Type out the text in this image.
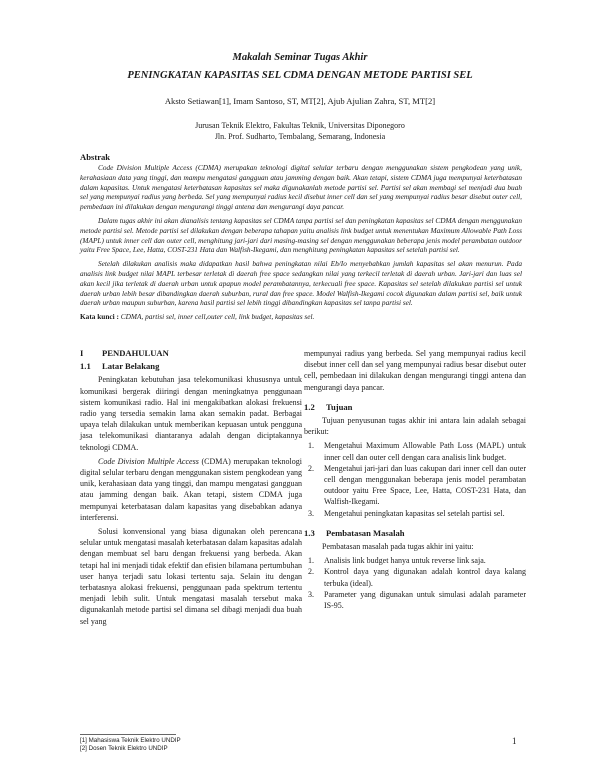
Makalah Seminar Tugas Akhir
PENINGKATAN KAPASITAS SEL CDMA DENGAN METODE PARTISI SEL
Aksto Setiawan[1], Imam Santoso, ST, MT[2], Ajub Ajulian Zahra, ST, MT[2]
Jurusan Teknik Elektro, Fakultas Teknik, Universitas Diponegoro
Jln. Prof. Sudharto, Tembalang, Semarang, Indonesia
Abstrak

Code Division Multiple Access (CDMA) merupakan teknologi digital selular terbaru dengan menggunakan sistem pengkodean yang unik, kerahasiaan data yang tinggi, dan mampu mengatasi gangguan atau jamming dengan baik. Akan tetapi, sistem CDMA juga mempunyai keterbatasan dalam kapasitas. Untuk mengatasi keterbatasan kapasitas sel maka digunakanlah metode partisi sel. Partisi sel akan membagi sel menjadi dua buah sel yang mempunyai radius yang berbeda. Sel yang mempunyai radius kecil disebut inner cell dan sel yang mempunyai radius besar disebut outer cell, pembedaan ini dilakukan dengan mengurangi tinggi antena dan mengurangi daya pancar.

Dalam tugas akhir ini akan dianalisis tentang kapasitas sel CDMA tanpa partisi sel dan peningkatan kapasitas sel CDMA dengan menggunakan metode partisi sel. Metode partisi sel dilakukan dengan beberapa tahapan yaitu analisis link budget untuk menentukan Maximum Allowable Path Loss (MAPL) untuk inner cell dan outer cell, menghitung jari-jari dari masing-masing sel dengan menggunakan beberapa jenis model perambatan outdoor yaitu Free Space, Lee, Hatta, COST-231 Hata dan Walfish-Ikegami, dan menghitung peningkatan kapasitas sel setelah partisi sel.

Setelah dilakukan analisis maka didapatkan hasil bahwa peningkatan nilai Eb/Io menyebabkan jumlah kapasitas sel akan menurun. Pada analisis link budget nilai MAPL terbesar terletak di daerah free space sedangkan nilai yang terkecil terletak di daerah urban. Jari-jari dan luas sel akan kecil jika terletak di daerah urban untuk apapun model perambatannya, terkecuali free space. Kapasitas sel setelah dilakukan partisi sel untuk daerah urban lebih besar dibandingkan daerah suburban, rural dan free space. Model Walfish-Ikegami cocok digunakan dalam partisi sel, baik untuk daerah urban maupun suburban, karena hasil partisi sel lebih tinggi dibandingkan kapasitas sel tanpa partisi sel.

Kata kunci : CDMA, partisi sel, inner cell,outer cell, link budget, kapasitas sel.
I PENDAHULUAN
1.1 Latar Belakang

Peningkatan kebutuhan jasa telekomunikasi khususnya untuk komunikasi bergerak diiringi dengan meningkatnya penggunaan sistem komunikasi radio. Hal ini mengakibatkan alokasi frekuensi radio yang tersedia semakin lama akan semakin padat. Berbagai upaya telah dilakukan untuk memberikan kepuasan untuk pengguna jasa telekomunikasi diantaranya adalah dengan diciptakannya teknologi CDMA.

Code Division Multiple Access (CDMA) merupakan teknologi digital selular terbaru dengan menggunakan sistem pengkodean yang unik, kerahasiaan data yang tinggi, dan mampu mengatasi gangguan atau jamming dengan baik. Akan tetapi, sistem CDMA juga mempunyai keterbatasan dalam kapasitas yang disebabkan adanya interferensi.

Solusi konvensional yang biasa digunakan oleh perencana selular untuk mengatasi masalah keterbatasan dalam kapasitas adalah dengan membuat sel baru dengan frekuensi yang berbeda. Akan tetapi hal ini menjadi tidak efektif dan efisien bilamana pertumbuhan user hanya terjadi satu lokasi tertentu saja. Selain itu dengan terbatasnya alokasi frekuensi, penggunaan pada spektrum tertentu menjadi lebih sulit. Untuk mengatasi masalah tersebut maka digunakanlah metode partisi sel dimana sel dibagi menjadi dua buah sel yang

mempunyai radius yang berbeda. Sel yang mempunyai radius kecil disebut inner cell dan sel yang mempunyai radius besar disebut outer cell, pembedaan ini dilakukan dengan mengurangi tinggi antena dan mengurangi daya pancar.

1.2 Tujuan

Tujuan penyusunan tugas akhir ini antara lain adalah sebagai berikut:

1. Mengetahui Maximum Allowable Path Loss (MAPL) untuk inner cell dan outer cell dengan cara analisis link budget.
2. Mengetahui jari-jari dan luas cakupan dari inner cell dan outer cell dengan menggunakan beberapa jenis model perambatan outdoor yaitu Free Space, Lee, Hatta, COST-231 Hata, dan Walfish-Ikegami.
3. Mengetahui peningkatan kapasitas sel setelah partisi sel.
1.3 Pembatasan Masalah

Pembatasan masalah pada tugas akhir ini yaitu:

1. Analisis link budget hanya untuk reverse link saja.
2. Kontrol daya yang digunakan adalah kontrol daya kalang terbuka (ideal).
3. Parameter yang digunakan untuk simulasi adalah parameter IS-95.
[1] Mahasiswa Teknik Elektro UNDIP
[2] Dosen Teknik Elektro UNDIP
1
